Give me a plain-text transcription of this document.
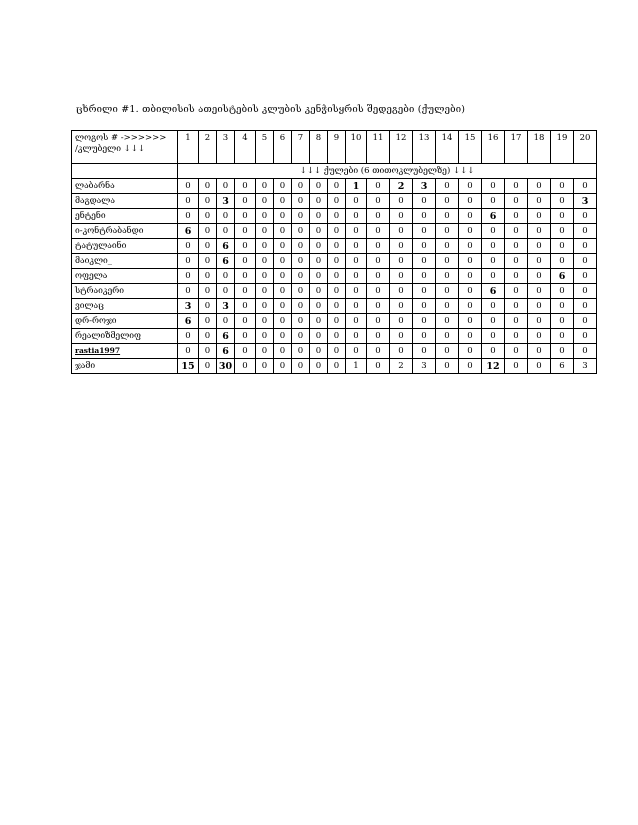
ცხრილი #1. თბილისის ათეისტების კლუბის კენჭისყრის შედეგები (ქულები)
ლოგოს # ->>>>>>
/კლუბელი ↓↓↓	1	2	3	4	5	6	7	8	9	10	11	12	13	14	15	16	17	18	19	20
	↓↓↓ ქულები (6 თითოკლუბელზე) ↓↓↓																			
ლაბარნა	0	0	0	0	0	0	0	0	0	1	0	2	3	0	0	0	0	0	0	0
მაგდალა	0	0	3	0	0	0	0	0	0	0	0	0	0	0	0	0	0	0	0	3
ენტენი	0	0	0	0	0	0	0	0	0	0	0	0	0	0	0	6	0	0	0	0
ი-კონტრაბანდი	6	0	0	0	0	0	0	0	0	0	0	0	0	0	0	0	0	0	0	0
ტატულაინი	0	0	6	0	0	0	0	0	0	0	0	0	0	0	0	0	0	0	0	0
მაიკლი_	0	0	6	0	0	0	0	0	0	0	0	0	0	0	0	0	0	0	0	0
ოფელა	0	0	0	0	0	0	0	0	0	0	0	0	0	0	0	0	0	0	6	0
სტრაიკერი	0	0	0	0	0	0	0	0	0	0	0	0	0	0	0	6	0	0	0	0
ვილაც	3	0	3	0	0	0	0	0	0	0	0	0	0	0	0	0	0	0	0	0
დრ-როჯი	6	0	0	0	0	0	0	0	0	0	0	0	0	0	0	0	0	0	0	0
რეალიზმელიფ	0	0	6	0	0	0	0	0	0	0	0	0	0	0	0	0	0	0	0	0
rastia1997	0	0	6	0	0	0	0	0	0	0	0	0	0	0	0	0	0	0	0	0
ჯამი	15	0	30	0	0	0	0	0	0	1	0	2	3	0	0	12	0	0	6	3
